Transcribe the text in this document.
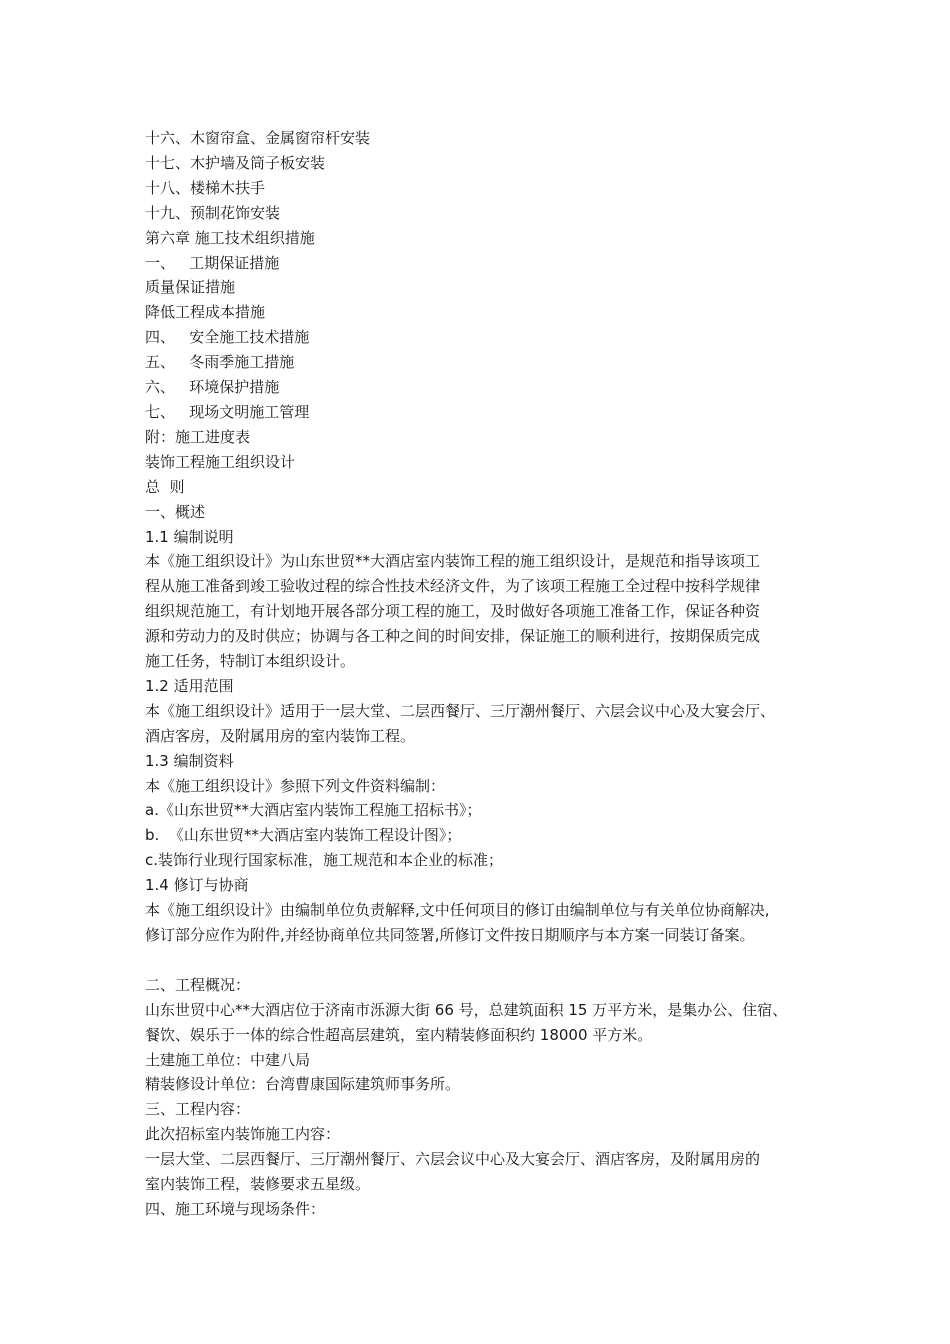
十六、木窗帘盒、金属窗帘杆安装
十七、木护墙及筒子板安装
十八、楼梯木扶手
十九、预制花饰安装
第六章 施工技术组织措施
一、   工期保证措施
质量保证措施
降低工程成本措施
四、   安全施工技术措施
五、   冬雨季施工措施
六、   环境保护措施
七、   现场文明施工管理
附：施工进度表
装饰工程施工组织设计
总  则
一、概述
1.1 编制说明
本《施工组织设计》为山东世贸**大酒店室内装饰工程的施工组织设计，是规范和指导该项工
程从施工准备到竣工验收过程的综合性技术经济文件，为了该项工程施工全过程中按科学规律
组织规范施工，有计划地开展各部分项工程的施工，及时做好各项施工准备工作，保证各种资
源和劳动力的及时供应；协调与各工种之间的时间安排，保证施工的顺利进行，按期保质完成
施工任务，特制订本组织设计。
1.2 适用范围
本《施工组织设计》适用于一层大堂、二层西餐厅、三厅潮州餐厅、六层会议中心及大宴会厅、
酒店客房，及附属用房的室内装饰工程。
1.3 编制资料
本《施工组织设计》参照下列文件资料编制：
a.《山东世贸**大酒店室内装饰工程施工招标书》；
b.  《山东世贸**大酒店室内装饰工程设计图》；
c.装饰行业现行国家标准，施工规范和本企业的标准；
1.4 修订与协商
本《施工组织设计》由编制单位负责解释,文中任何项目的修订由编制单位与有关单位协商解决,
修订部分应作为附件,并经协商单位共同签署,所修订文件按日期顺序与本方案一同装订备案。
二、工程概况：
山东世贸中心**大酒店位于济南市泺源大街 66 号，总建筑面积 15 万平方米，是集办公、住宿、
餐饮、娱乐于一体的综合性超高层建筑，室内精装修面积约 18000 平方米。
土建施工单位：中建八局
精装修设计单位：台湾曹康国际建筑师事务所。
三、工程内容：
此次招标室内装饰施工内容：
一层大堂、二层西餐厅、三厅潮州餐厅、六层会议中心及大宴会厅、酒店客房，及附属用房的
室内装饰工程，装修要求五星级。
四、施工环境与现场条件：
